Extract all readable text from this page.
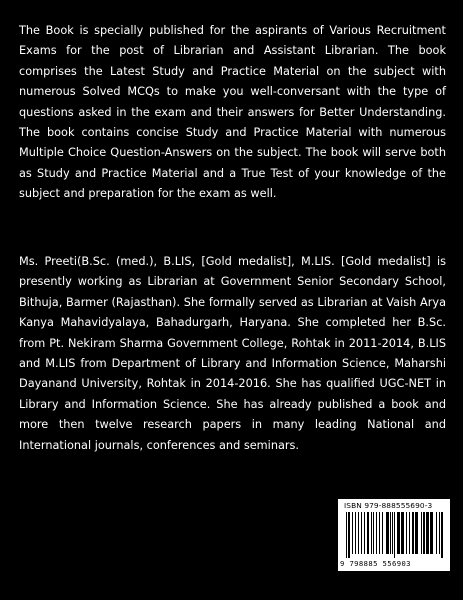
The Book is specially published for the aspirants of Various Recruitment Exams for the post of Librarian and Assistant Librarian. The book comprises the Latest Study and Practice Material on the subject with numerous Solved MCQs to make you well-conversant with the type of questions asked in the exam and their answers for Better Understanding. The book contains concise Study and Practice Material with numerous Multiple Choice Question-Answers on the subject. The book will serve both as Study and Practice Material and a True Test of your knowledge of the subject and preparation for the exam as well.

Ms. Preeti(B.Sc. (med.), B.LIS, [Gold medalist], M.LIS. [Gold medalist] is presently working as Librarian at Government Senior Secondary School, Bithuja, Barmer (Rajasthan). She formally served as Librarian at Vaish Arya Kanya Mahavidyalaya, Bahadurgarh, Haryana. She completed her B.Sc. from Pt. Nekiram Sharma Government College, Rohtak in 2011-2014, B.LIS and M.LIS from Department of Library and Information Science, Maharshi Dayanand University, Rohtak in 2014-2016. She has qualified UGC-NET in Library and Information Science. She has already published a book and more then twelve research papers in many leading National and International journals, conferences and seminars.

ISBN 979-888555690-3
9 798885 556903
